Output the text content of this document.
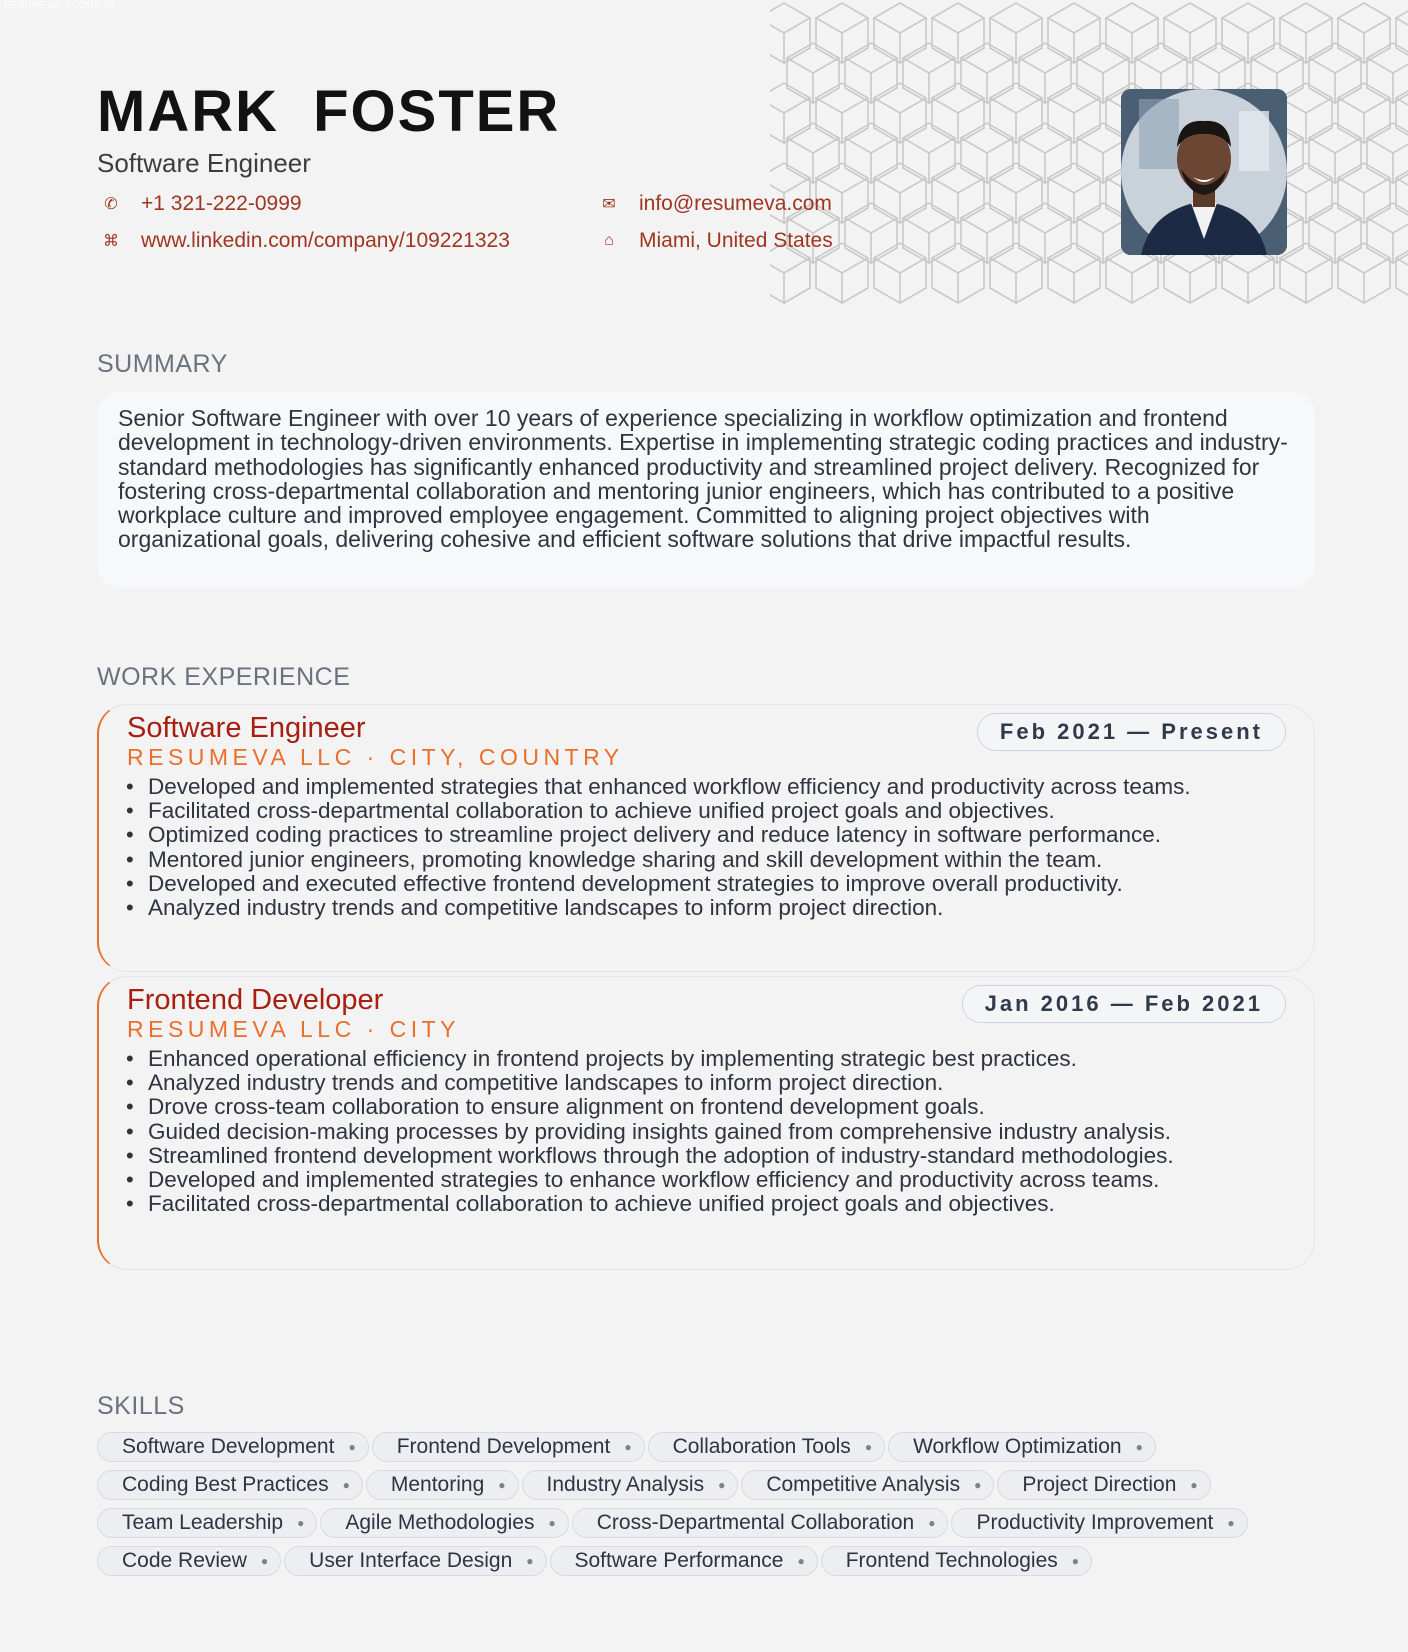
RESUMEVA_SCORE:69
MARK FOSTER
Software Engineer
✆	+1 321-222-0999	✉	info@resumeva.com
⌘ www.linkedin.com/company/109221323	⌂	Miami, United States
SUMMARY
Senior Software Engineer with over 10 years of experience specializing in workflow optimization and frontend development in technology-driven environments. Expertise in implementing strategic coding practices and industry-standard methodologies has significantly enhanced productivity and streamlined project delivery. Recognized for fostering cross-departmental collaboration and mentoring junior engineers, which has contributed to a positive workplace culture and improved employee engagement. Committed to aligning project objectives with organizational goals, delivering cohesive and efficient software solutions that drive impactful results.
WORK EXPERIENCE
Software Engineer
RESUMEVA LLC · CITY, COUNTRY
Feb 2021 — Present
• Developed and implemented strategies that enhanced workflow efficiency and productivity across teams.
• Facilitated cross-departmental collaboration to achieve unified project goals and objectives.
• Optimized coding practices to streamline project delivery and reduce latency in software performance.
• Mentored junior engineers, promoting knowledge sharing and skill development within the team.
• Developed and executed effective frontend development strategies to improve overall productivity.
• Analyzed industry trends and competitive landscapes to inform project direction.
Frontend Developer
RESUMEVA LLC · CITY
Jan 2016 — Feb 2021
• Enhanced operational efficiency in frontend projects by implementing strategic best practices.
• Analyzed industry trends and competitive landscapes to inform project direction.
• Drove cross-team collaboration to ensure alignment on frontend development goals.
• Guided decision-making processes by providing insights gained from comprehensive industry analysis.
• Streamlined frontend development workflows through the adoption of industry-standard methodologies.
• Developed and implemented strategies to enhance workflow efficiency and productivity across teams.
• Facilitated cross-departmental collaboration to achieve unified project goals and objectives.
SKILLS
Software Development ● Frontend Development ● Collaboration Tools ● Workflow Optimization ●
Coding Best Practices ● Mentoring ● Industry Analysis ● Competitive Analysis ● Project Direction ●
Team Leadership ● Agile Methodologies ● Cross-Departmental Collaboration ● Productivity Improvement ●
Code Review ● User Interface Design ● Software Performance ● Frontend Technologies ●
